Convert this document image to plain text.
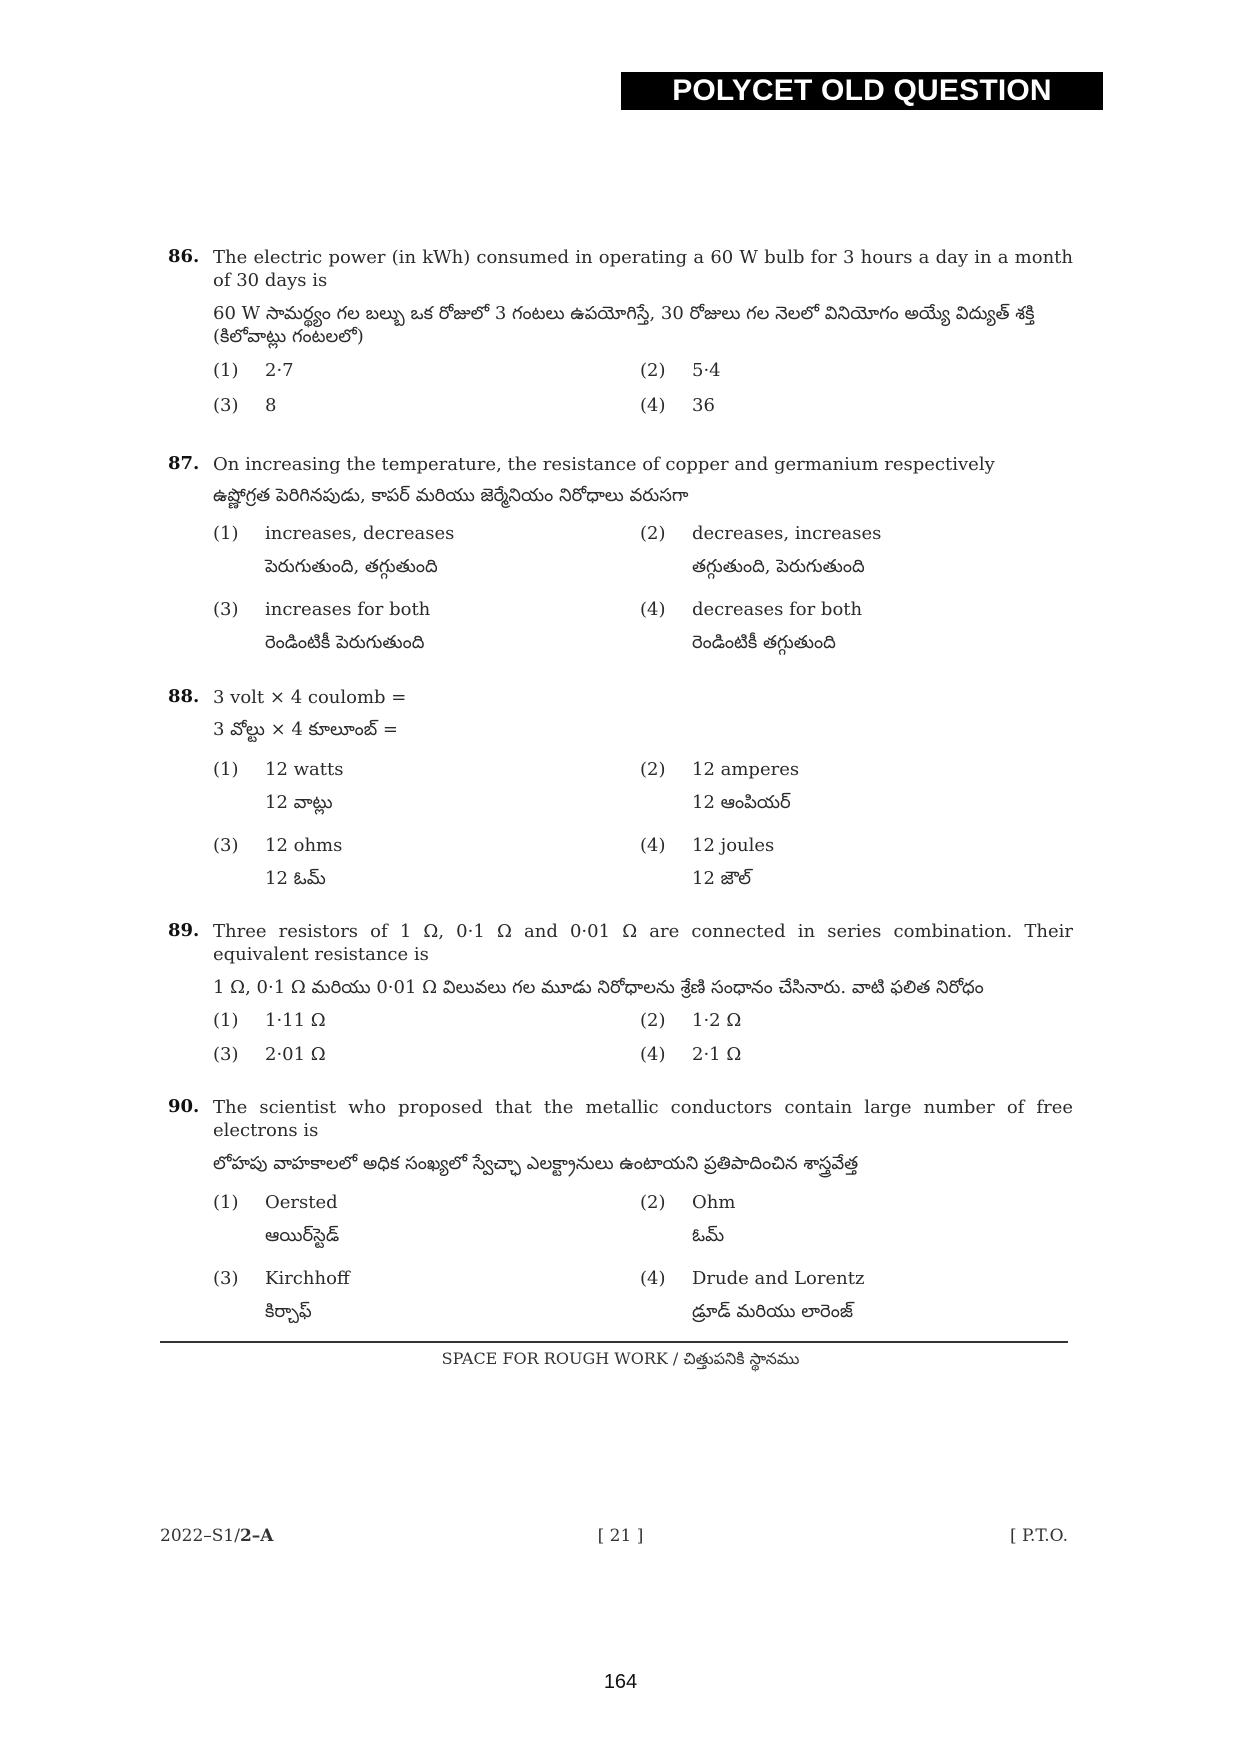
POLYCET OLD QUESTION PAPER
86. The electric power (in kWh) consumed in operating a 60 W bulb for 3 hours a day in a month of 30 days is
60 W సామర్థ్యం గల బల్బు ఒక రోజులో 3 గంటలు ఉపయోగిస్తే, 30 రోజులు గల నెలలో వినియోగం అయ్యే విద్యుత్ శక్తి (కిలోవాట్లు గంటలలో)
(1) 2·7	(2) 5·4
(3) 8	(4) 36
87. On increasing the temperature, the resistance of copper and germanium respectively
ఉష్ణోగ్రత పెరిగినపుడు, కాపర్ మరియు జెర్మేనియం నిరోధాలు వరుసగా
(1) increases, decreases
పెరుగుతుంది, తగ్గుతుంది
(2) decreases, increases
తగ్గుతుంది, పెరుగుతుంది
(3) increases for both
రెండింటికీ పెరుగుతుంది
(4) decreases for both
రెండింటికీ తగ్గుతుంది
88. 3 volt × 4 coulomb =
3 వోల్టు × 4 కూలూంబ్ =
(1) 12 watts
12 వాట్లు
(2) 12 amperes
12 ఆంపియర్
(3) 12 ohms
12 ఓమ్
(4) 12 joules
12 జౌల్
89. Three resistors of 1 Ω, 0·1 Ω and 0·01 Ω are connected in series combination. Their equivalent resistance is
1 Ω, 0·1 Ω మరియు 0·01 Ω విలువలు గల మూడు నిరోధాలను శ్రేణి సంధానం చేసినారు. వాటి ఫలిత నిరోధం
(1) 1·11 Ω	(2) 1·2 Ω
(3) 2·01 Ω	(4) 2·1 Ω
90. The scientist who proposed that the metallic conductors contain large number of free electrons is
లోహపు వాహకాలలో అధిక సంఖ్యలో స్వేచ్ఛా ఎలక్ట్రానులు ఉంటాయని ప్రతిపాదించిన శాస్త్రవేత్త
(1) Oersted
ఆయిర్‌స్టెడ్
(2) Ohm
ఓమ్
(3) Kirchhoff
కిర్చాఫ్
(4) Drude and Lorentz
డ్రూడ్ మరియు లారెంజ్
SPACE FOR ROUGH WORK / చిత్తుపనికి స్థానము
2022–S1/2–A	[ 21 ]	[ P.T.O.
164
